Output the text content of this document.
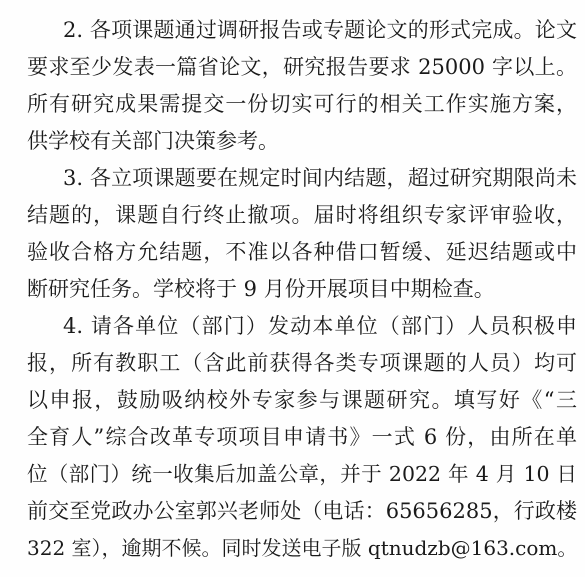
2. 各项课题通过调研报告或专题论文的形式完成。论文
要求至少发表一篇省论文，研究报告要求 25000 字以上。
所有研究成果需提交一份切实可行的相关工作实施方案，
供学校有关部门决策参考。
3. 各立项课题要在规定时间内结题，超过研究期限尚未
结题的，课题自行终止撤项。届时将组织专家评审验收，
验收合格方允结题，不准以各种借口暂缓、延迟结题或中
断研究任务。学校将于 9 月份开展项目中期检查。
4. 请各单位（部门）发动本单位（部门）人员积极申
报，所有教职工（含此前获得各类专项课题的人员）均可
以申报，鼓励吸纳校外专家参与课题研究。填写好《“三
全育人”综合改革专项项目申请书》一式 6 份，由所在单
位（部门）统一收集后加盖公章，并于 2022 年 4 月 10 日
前交至党政办公室郭兴老师处（电话：65656285，行政楼
322 室），逾期不候。同时发送电子版 qtnudzb@163.com。
